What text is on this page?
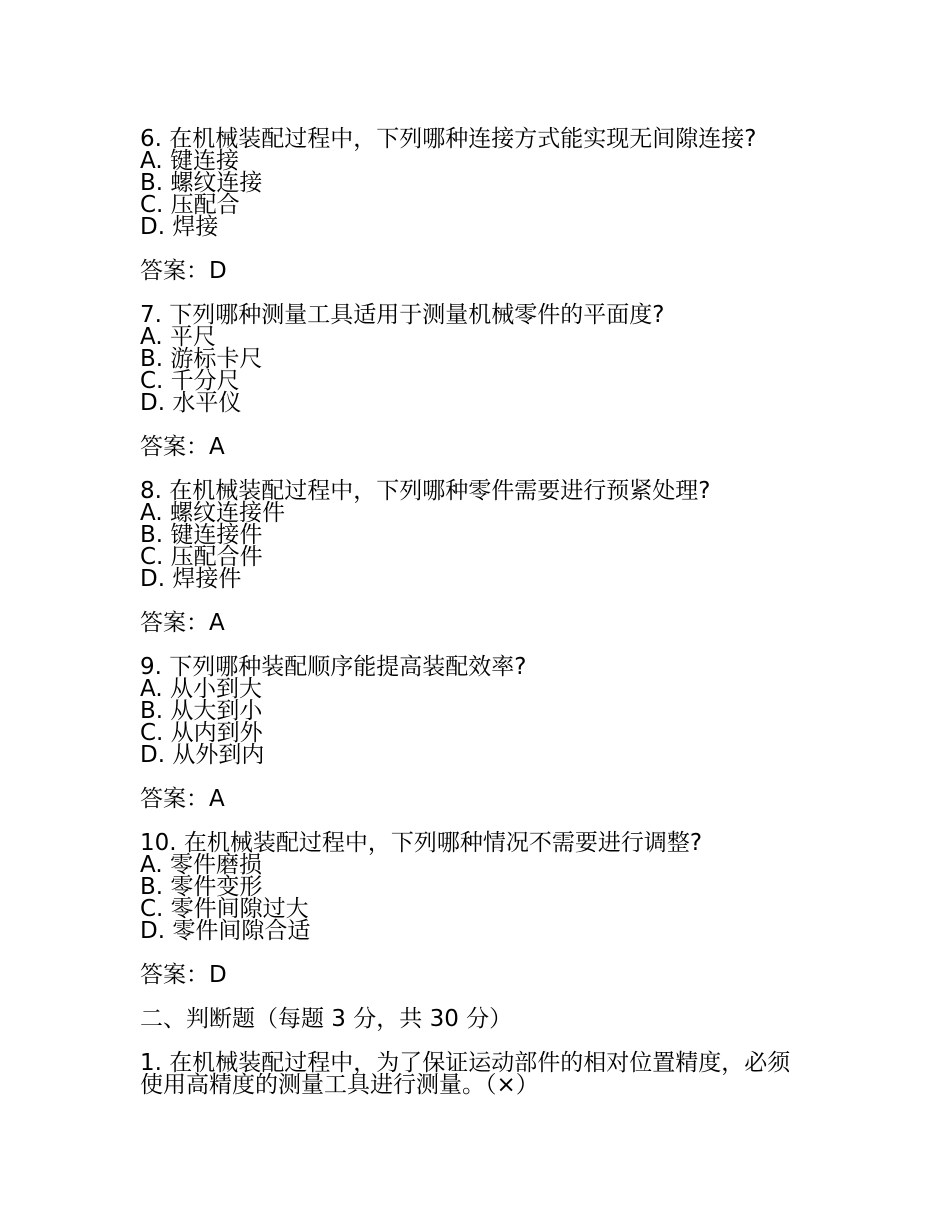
6. 在机械装配过程中，下列哪种连接方式能实现无间隙连接?
A. 键连接
B. 螺纹连接
C. 压配合
D. 焊接
答案：D
7. 下列哪种测量工具适用于测量机械零件的平面度?
A. 平尺
B. 游标卡尺
C. 千分尺
D. 水平仪
答案：A
8. 在机械装配过程中，下列哪种零件需要进行预紧处理?
A. 螺纹连接件
B. 键连接件
C. 压配合件
D. 焊接件
答案：A
9. 下列哪种装配顺序能提高装配效率?
A. 从小到大
B. 从大到小
C. 从内到外
D. 从外到内
答案：A
10. 在机械装配过程中，下列哪种情况不需要进行调整?
A. 零件磨损
B. 零件变形
C. 零件间隙过大
D. 零件间隙合适
答案：D
二、判断题（每题 3 分，共 30 分）
1. 在机械装配过程中，为了保证运动部件的相对位置精度，必须使用高精度的测量工具进行测量。（×）
